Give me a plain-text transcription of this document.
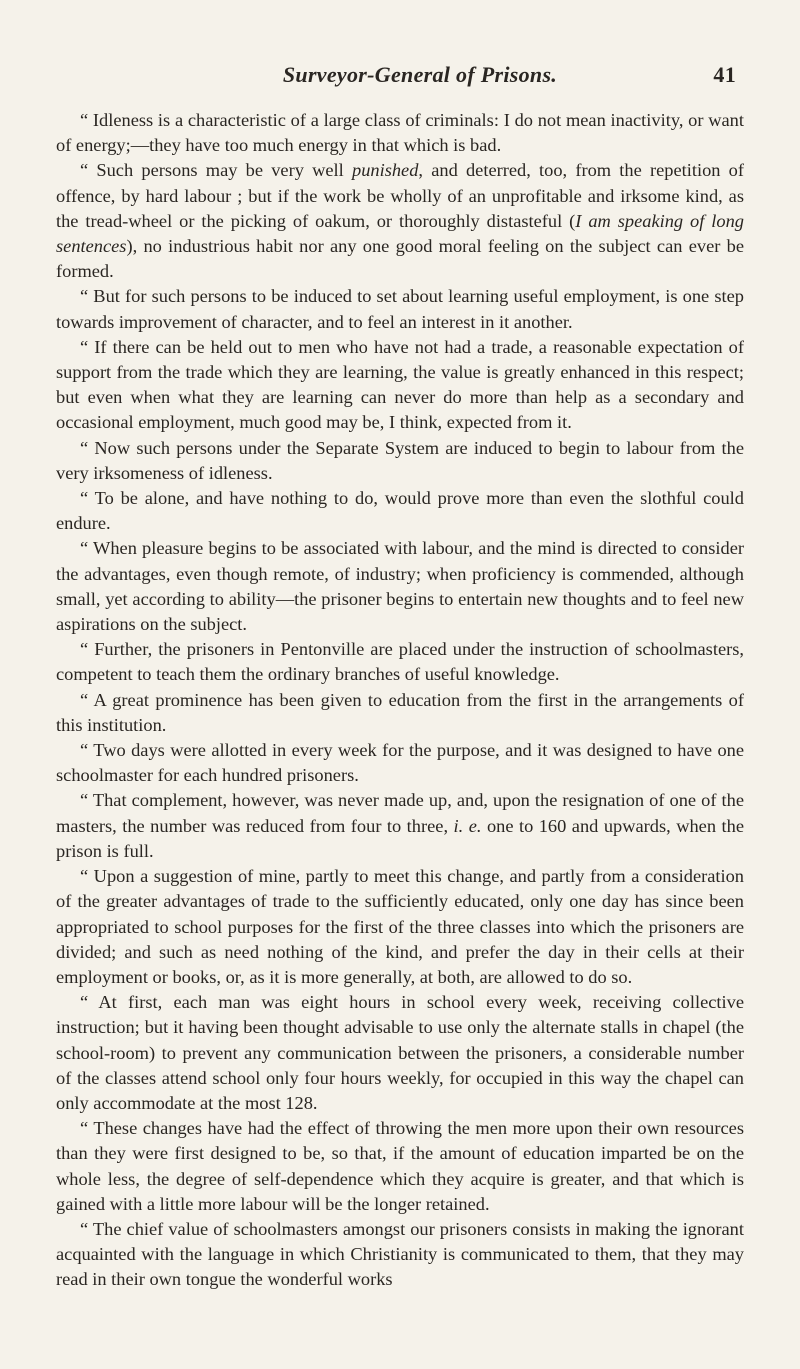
Surveyor-General of Prisons.	41

“ Idleness is a characteristic of a large class of criminals: I do not mean inactivity, or want of energy;—they have too much energy in that which is bad.

“ Such persons may be very well punished, and deterred, too, from the repetition of offence, by hard labour ; but if the work be wholly of an unprofitable and irksome kind, as the tread-wheel or the picking of oakum, or thoroughly distasteful (I am speaking of long sentences), no industrious habit nor any one good moral feeling on the subject can ever be formed.

“ But for such persons to be induced to set about learning useful employment, is one step towards improvement of character, and to feel an interest in it another.

“ If there can be held out to men who have not had a trade, a reasonable expectation of support from the trade which they are learning, the value is greatly enhanced in this respect; but even when what they are learning can never do more than help as a secondary and occasional employment, much good may be, I think, expected from it.

“ Now such persons under the Separate System are induced to begin to labour from the very irksomeness of idleness.

“ To be alone, and have nothing to do, would prove more than even the slothful could endure.

“ When pleasure begins to be associated with labour, and the mind is directed to consider the advantages, even though remote, of industry; when proficiency is commended, although small, yet according to ability—the prisoner begins to entertain new thoughts and to feel new aspirations on the subject.

“ Further, the prisoners in Pentonville are placed under the instruction of schoolmasters, competent to teach them the ordinary branches of useful knowledge.

“ A great prominence has been given to education from the first in the arrangements of this institution.

“ Two days were allotted in every week for the purpose, and it was designed to have one schoolmaster for each hundred prisoners.

“ That complement, however, was never made up, and, upon the resignation of one of the masters, the number was reduced from four to three, i. e. one to 160 and upwards, when the prison is full.

“ Upon a suggestion of mine, partly to meet this change, and partly from a consideration of the greater advantages of trade to the sufficiently educated, only one day has since been appropriated to school purposes for the first of the three classes into which the prisoners are divided; and such as need nothing of the kind, and prefer the day in their cells at their employment or books, or, as it is more generally, at both, are allowed to do so.

“ At first, each man was eight hours in school every week, receiving collective instruction; but it having been thought advisable to use only the alternate stalls in chapel (the school-room) to prevent any communication between the prisoners, a considerable number of the classes attend school only four hours weekly, for occupied in this way the chapel can only accommodate at the most 128.

“ These changes have had the effect of throwing the men more upon their own resources than they were first designed to be, so that, if the amount of education imparted be on the whole less, the degree of self-dependence which they acquire is greater, and that which is gained with a little more labour will be the longer retained.

“ The chief value of schoolmasters amongst our prisoners consists in making the ignorant acquainted with the language in which Christianity is communicated to them, that they may read in their own tongue the wonderful works
